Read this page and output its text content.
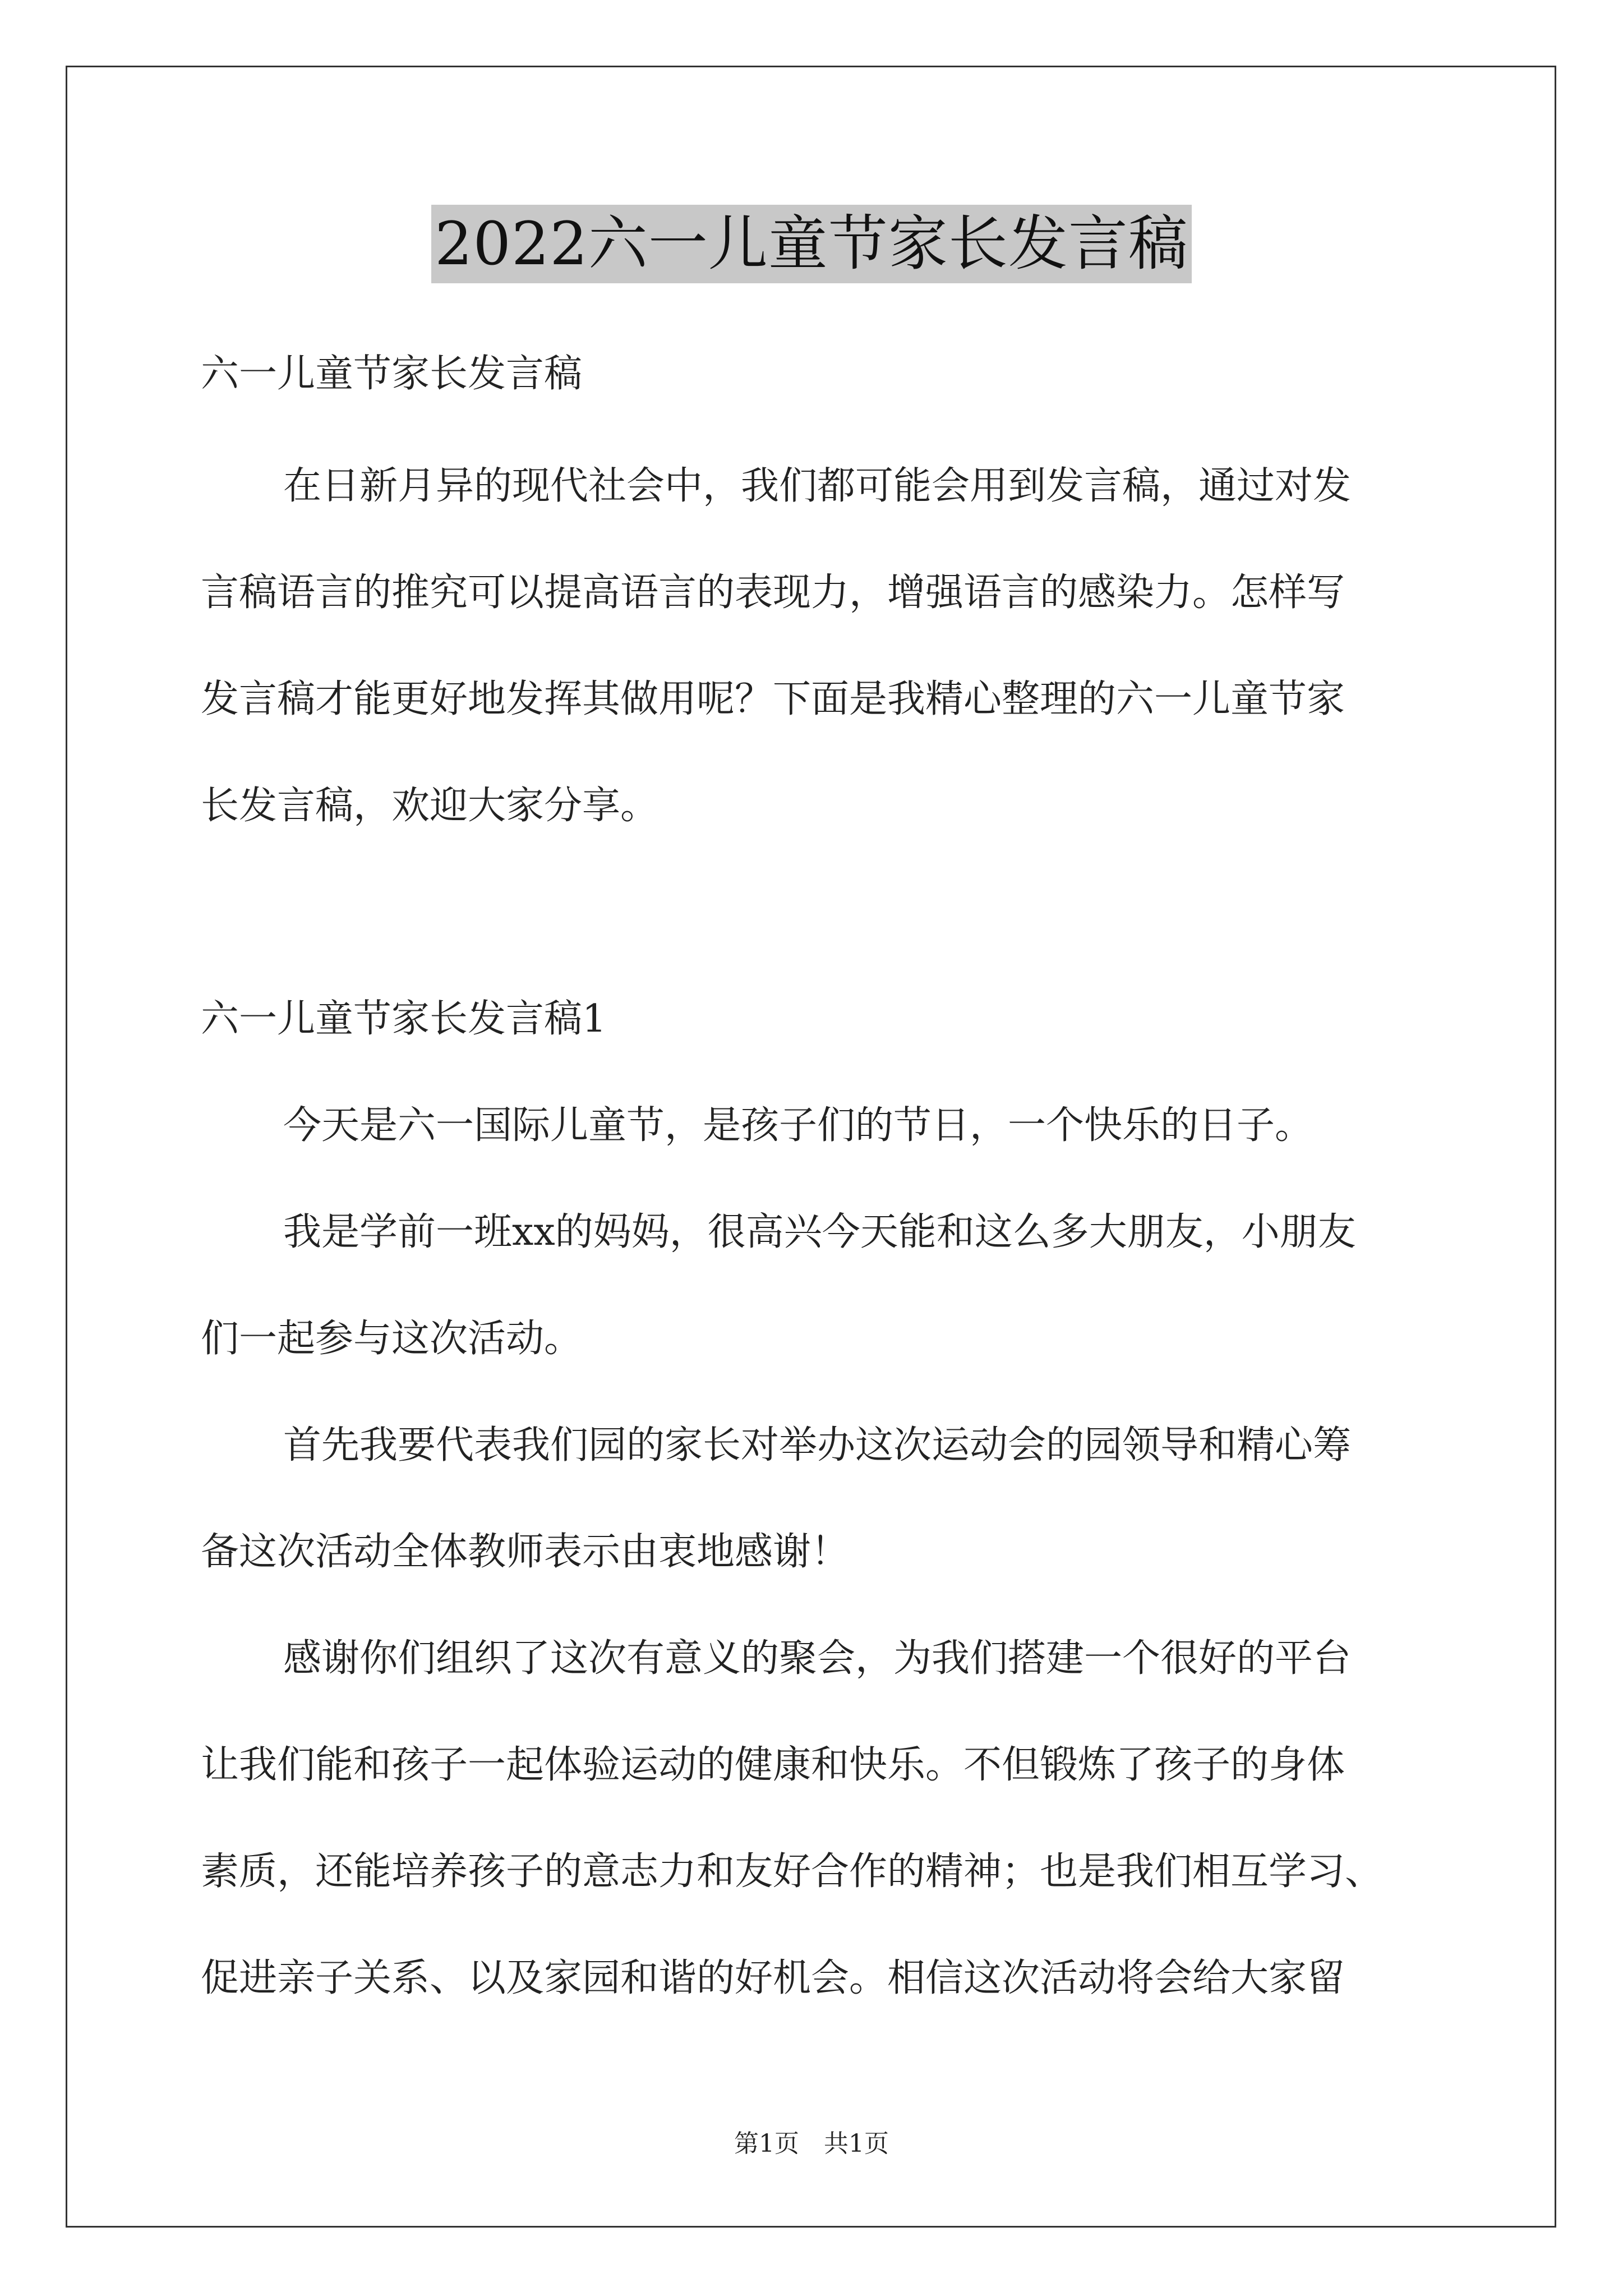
2022六一儿童节家长发言稿
六一儿童节家长发言稿
在日新月异的现代社会中，我们都可能会用到发言稿，通过对发
言稿语言的推究可以提高语言的表现力，增强语言的感染力。怎样写
发言稿才能更好地发挥其做用呢？下面是我精心整理的六一儿童节家
长发言稿，欢迎大家分享。
六一儿童节家长发言稿1
今天是六一国际儿童节，是孩子们的节日，一个快乐的日子。
我是学前一班xx的妈妈，很高兴今天能和这么多大朋友，小朋友
们一起参与这次活动。
首先我要代表我们园的家长对举办这次运动会的园领导和精心筹
备这次活动全体教师表示由衷地感谢！
感谢你们组织了这次有意义的聚会，为我们搭建一个很好的平台
让我们能和孩子一起体验运动的健康和快乐。不但锻炼了孩子的身体
素质，还能培养孩子的意志力和友好合作的精神；也是我们相互学习、
促进亲子关系、以及家园和谐的好机会。相信这次活动将会给大家留
第1页　共1页
